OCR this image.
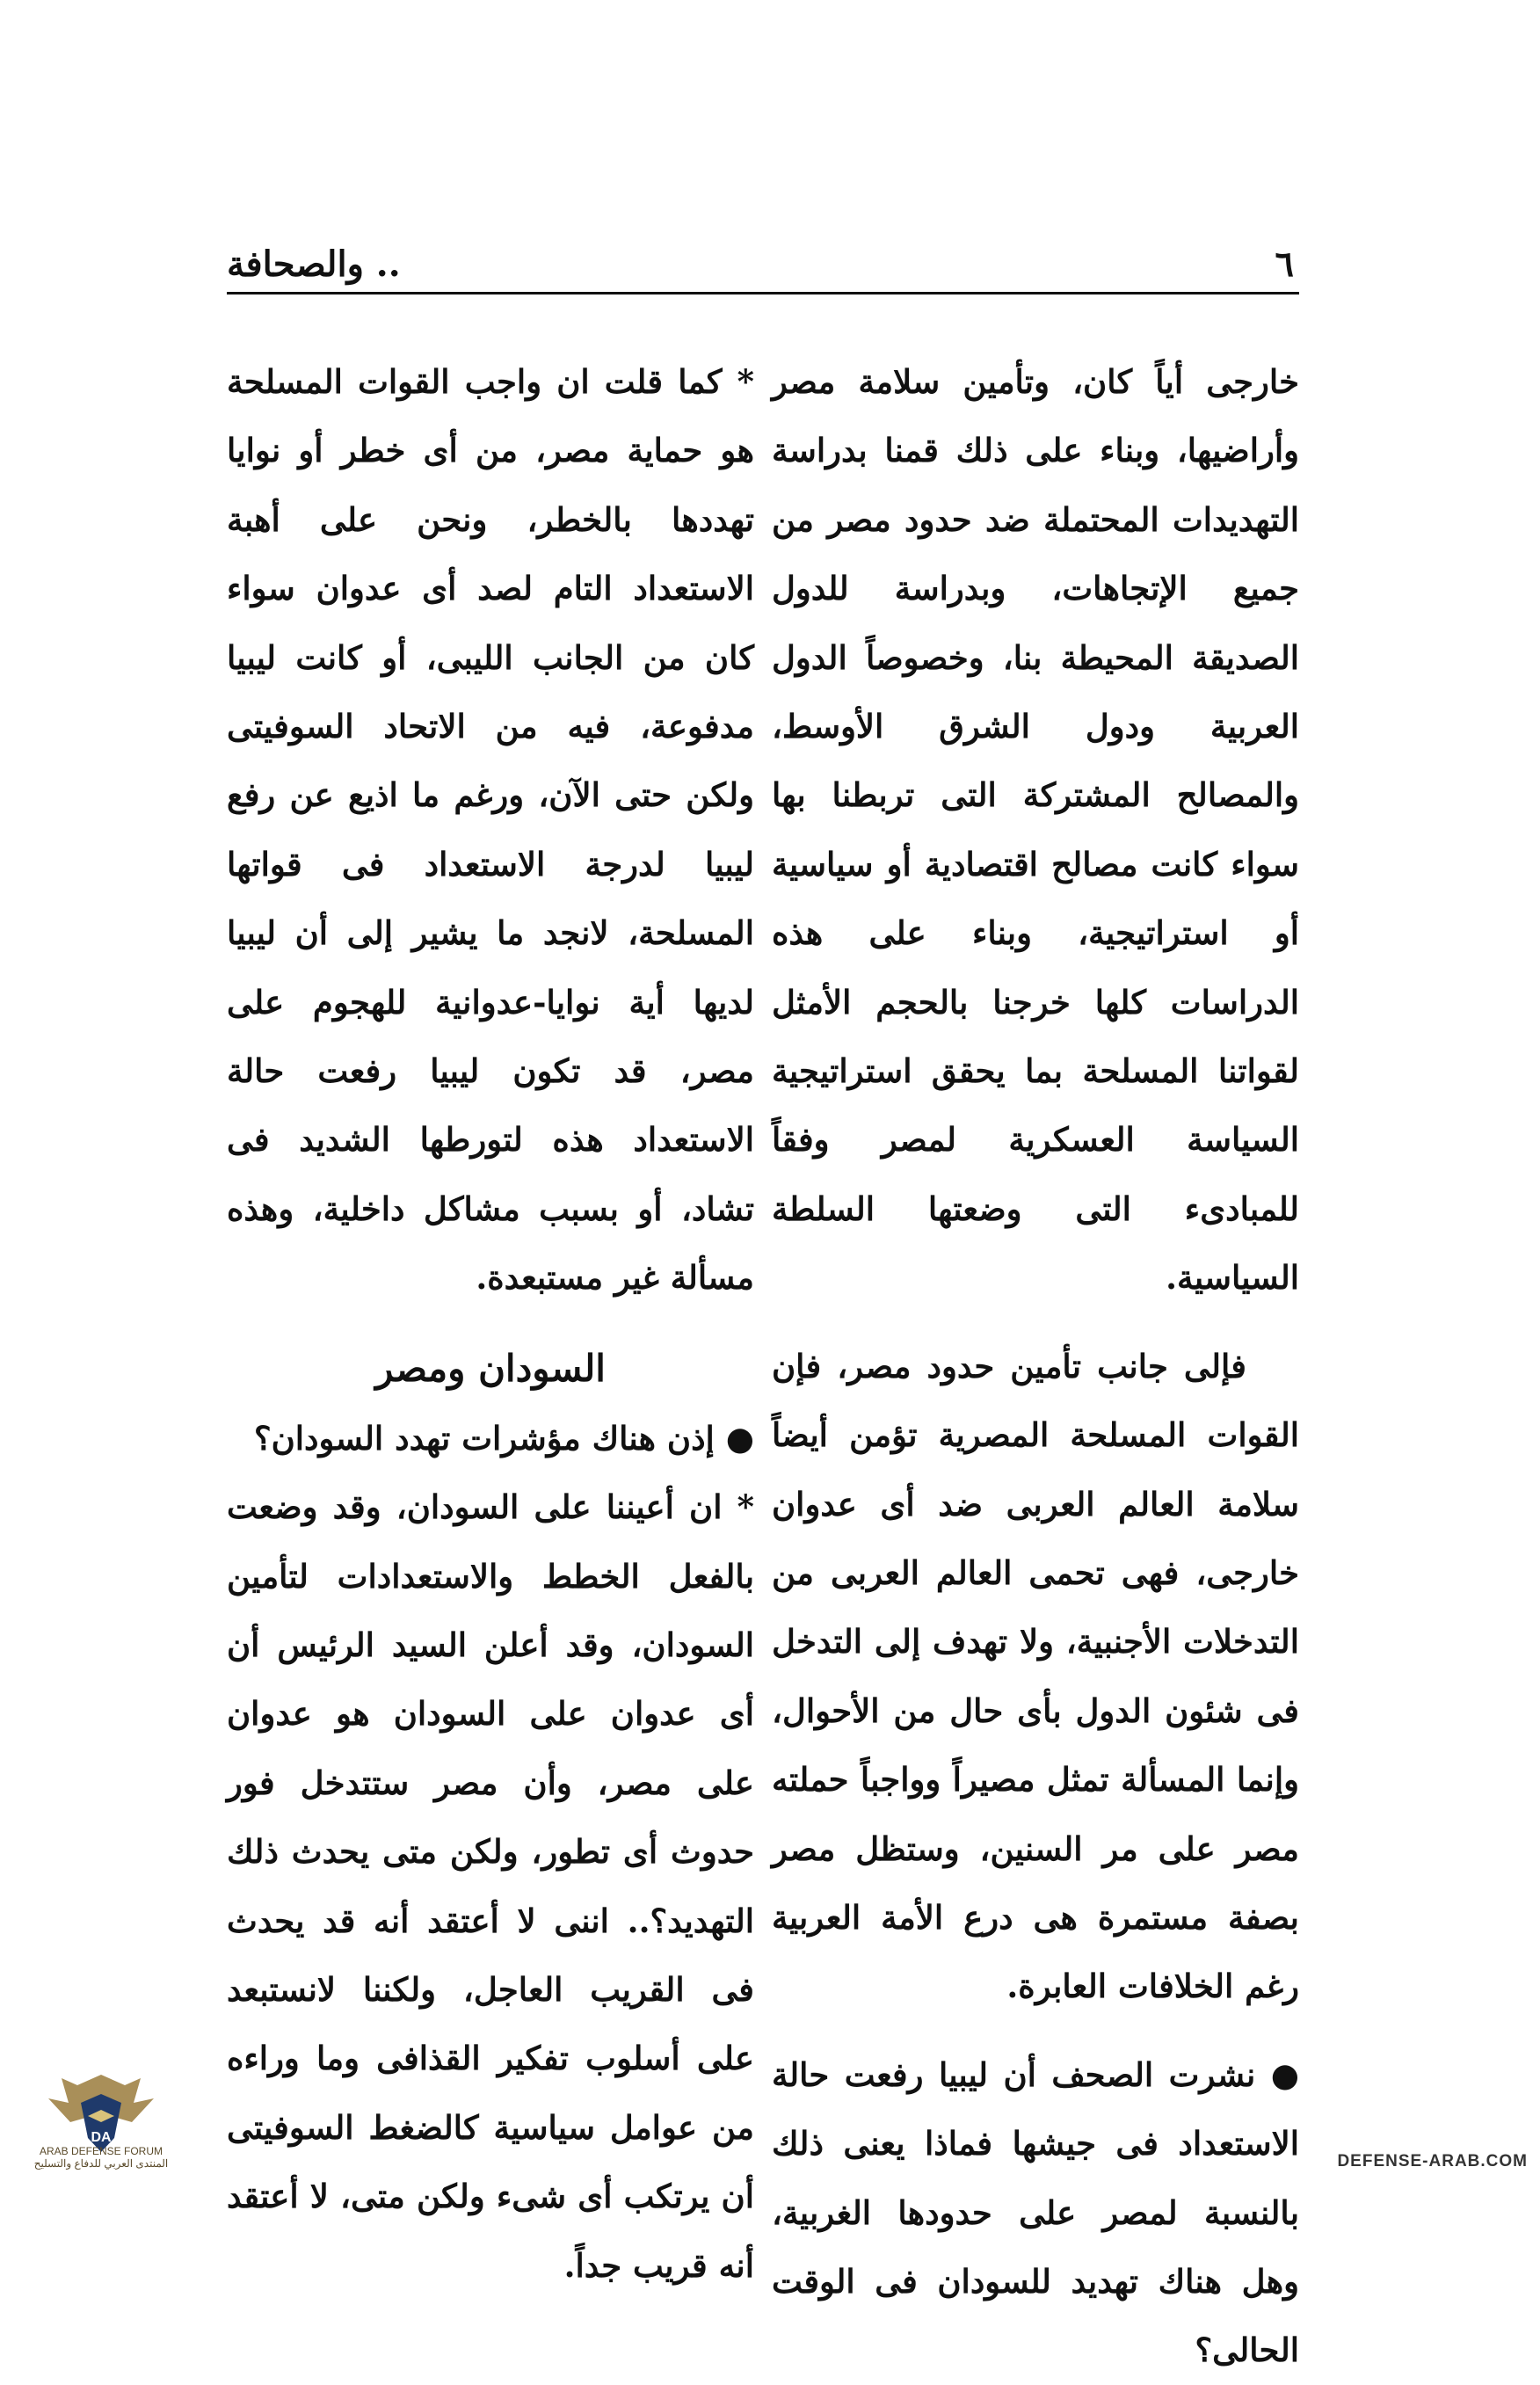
.. والصحافة	٦

خارجى أياً كان، وتأمين سلامة مصر وأراضيها، وبناء على ذلك قمنا بدراسة التهديدات المحتملة ضد حدود مصر من جميع الإتجاهات، وبدراسة للدول الصديقة المحيطة بنا، وخصوصاً الدول العربية ودول الشرق الأوسط، والمصالح المشتركة التى تربطنا بها سواء كانت مصالح اقتصادية أو سياسية أو استراتيجية، وبناء على هذه الدراسات كلها خرجنا بالحجم الأمثل لقواتنا المسلحة بما يحقق استراتيجية السياسة العسكرية لمصر وفقاً للمبادىء التى وضعتها السلطة السياسية.

فإلى جانب تأمين حدود مصر، فإن القوات المسلحة المصرية تؤمن أيضاً سلامة العالم العربى ضد أى عدوان خارجى، فهى تحمى العالم العربى من التدخلات الأجنبية، ولا تهدف إلى التدخل فى شئون الدول بأى حال من الأحوال، وإنما المسألة تمثل مصيراً وواجباً حملته مصر على مر السنين، وستظل مصر بصفة مستمرة هى درع الأمة العربية رغم الخلافات العابرة.

● نشرت الصحف أن ليبيا رفعت حالة الاستعداد فى جيشها فماذا يعنى ذلك بالنسبة لمصر على حدودها الغربية، وهل هناك تهديد للسودان فى الوقت الحالى؟

* كما قلت ان واجب القوات المسلحة هو حماية مصر، من أى خطر أو نوايا تهددها بالخطر، ونحن على أهبة الاستعداد التام لصد أى عدوان سواء كان من الجانب الليبى، أو كانت ليبيا مدفوعة، فيه من الاتحاد السوفيتى ولكن حتى الآن، ورغم ما اذيع عن رفع ليبيا لدرجة الاستعداد فى قواتها المسلحة، لانجد ما يشير إلى أن ليبيا لديها أية نوايا-عدوانية للهجوم على مصر، قد تكون ليبيا رفعت حالة الاستعداد هذه لتورطها الشديد فى تشاد، أو بسبب مشاكل داخلية، وهذه مسألة غير مستبعدة.

السودان ومصر

● إذن هناك مؤشرات تهدد السودان؟

* ان أعيننا على السودان، وقد وضعت بالفعل الخطط والاستعدادات لتأمين السودان، وقد أعلن السيد الرئيس أن أى عدوان على السودان هو عدوان على مصر، وأن مصر ستتدخل فور حدوث أى تطور، ولكن متى يحدث ذلك التهديد؟.. اننى لا أعتقد أنه قد يحدث فى القريب العاجل، ولكننا لانستبعد على أسلوب تفكير القذافى وما وراءه من عوامل سياسية كالضغط السوفيتى أن يرتكب أى شىء ولكن متى، لا أعتقد أنه قريب جداً.

DA
ARAB DEFENSE FORUM
المنتدى العربي للدفاع والتسليح	DEFENSE-ARAB.COM
